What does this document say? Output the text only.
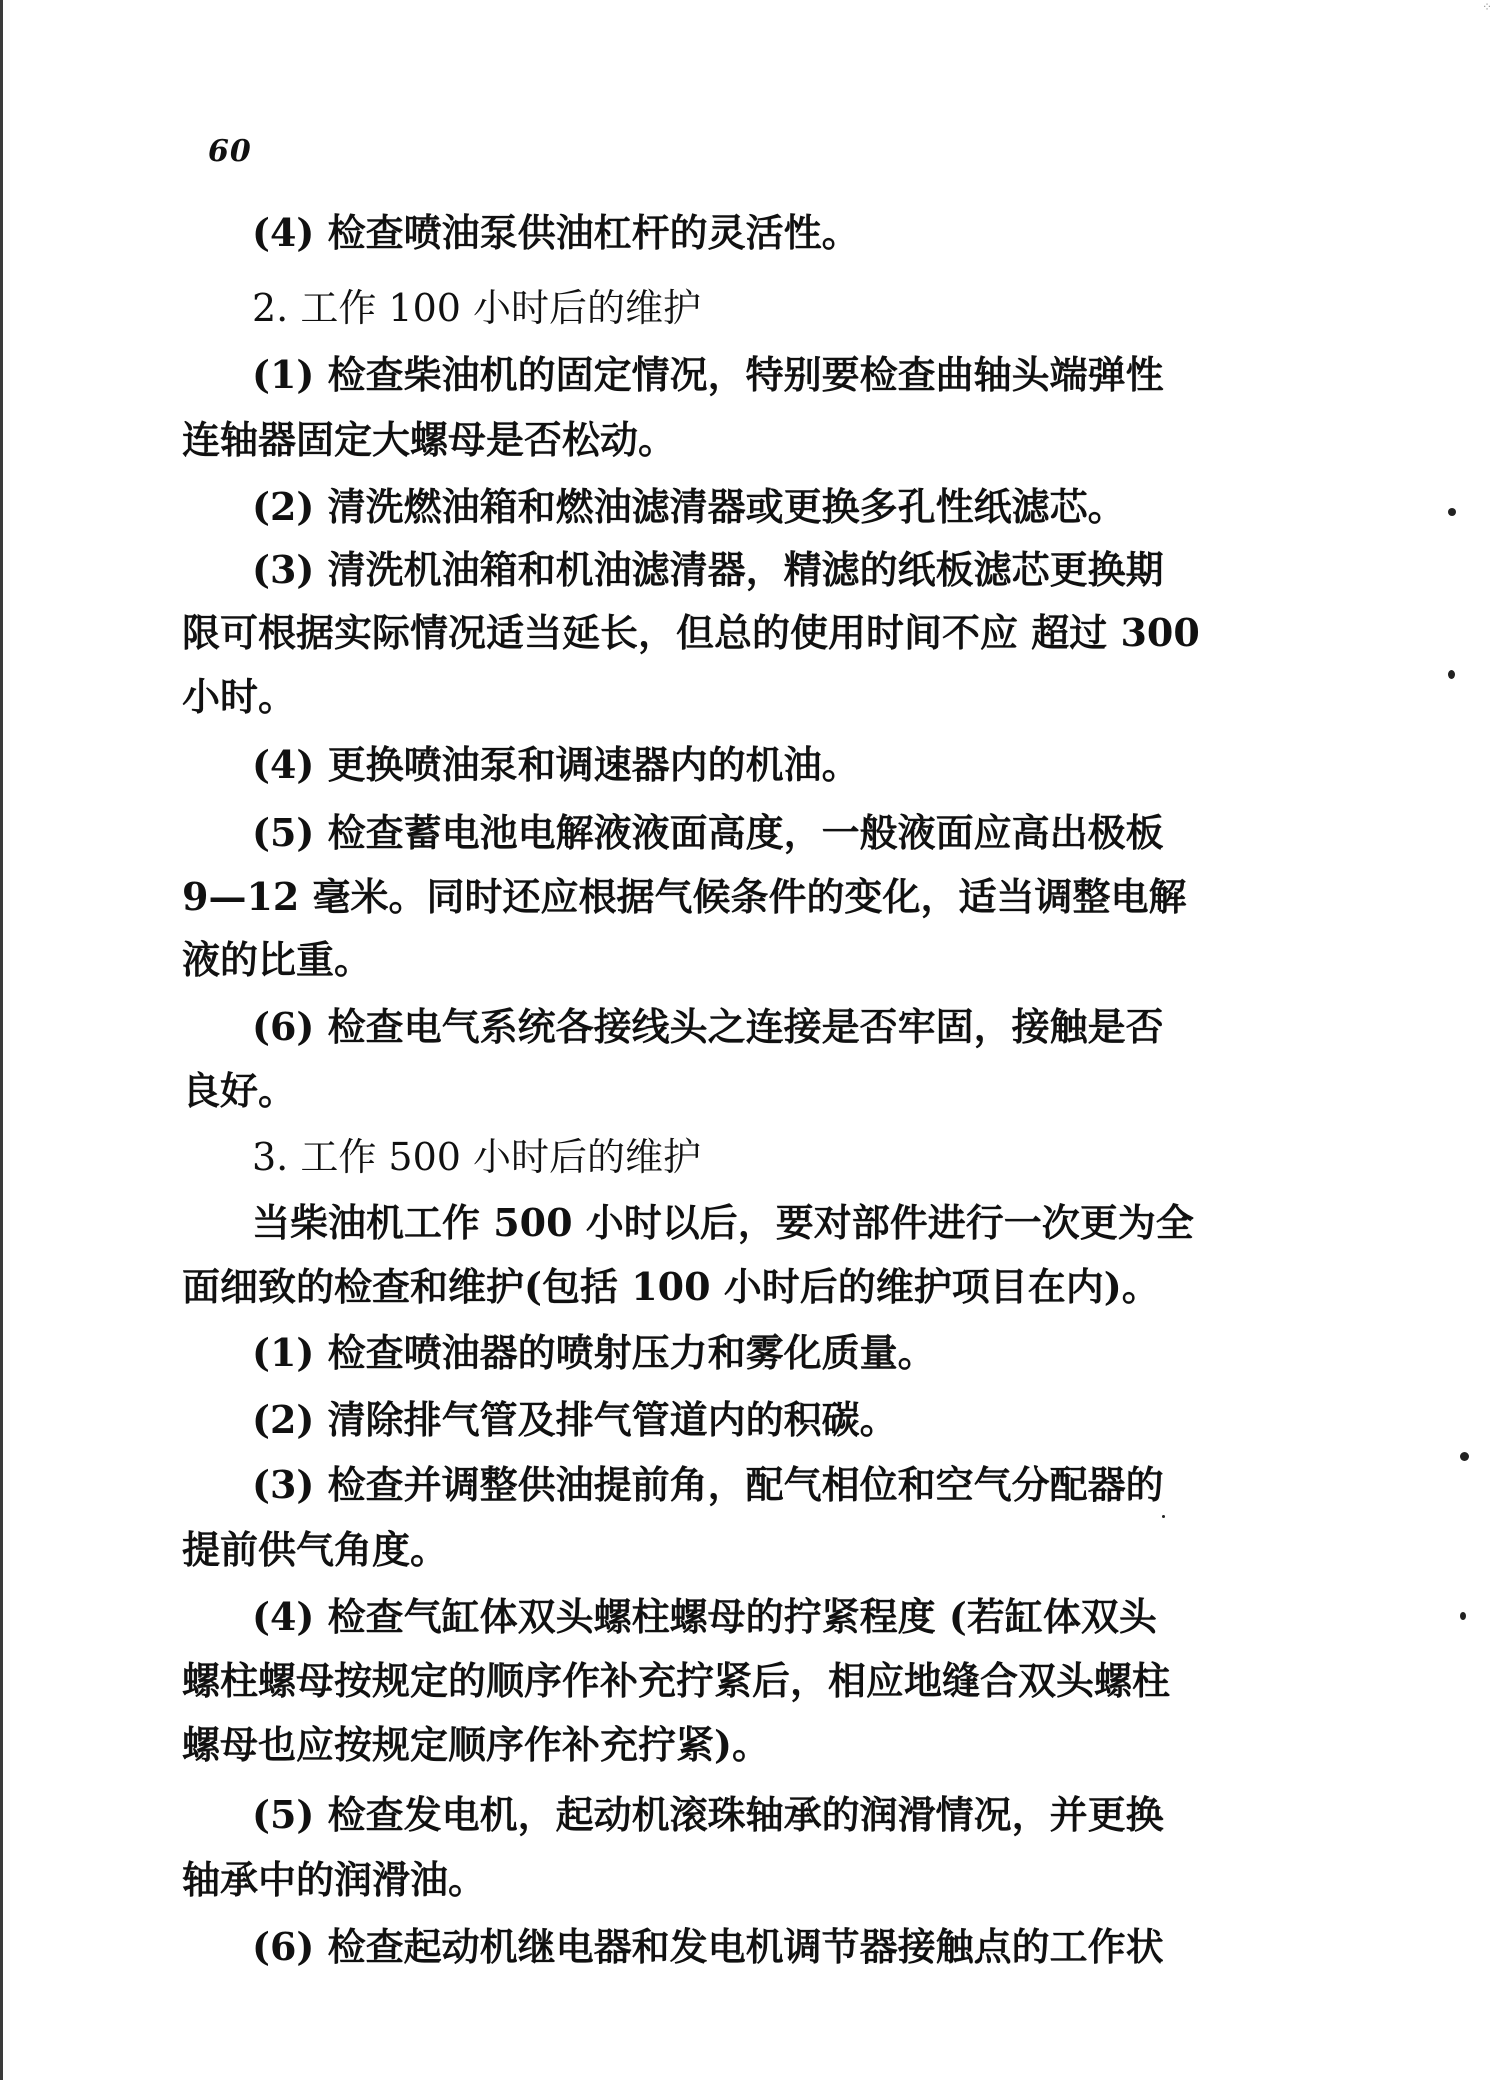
⁘
60
(4) 检查喷油泵供油杠杆的灵活性。
2. 工作 100 小时后的维护
(1) 检查柴油机的固定情况，特别要检查曲轴头端弹性
连轴器固定大螺母是否松动。
(2) 清洗燃油箱和燃油滤清器或更换多孔性纸滤芯。
(3) 清洗机油箱和机油滤清器，精滤的纸板滤芯更换期
限可根据实际情况适当延长，但总的使用时间不应 超过 300
小时。
(4) 更换喷油泵和调速器内的机油。
(5) 检查蓄电池电解液液面高度，一般液面应高出极板
9—12 毫米。同时还应根据气候条件的变化，适当调整电解
液的比重。
(6) 检查电气系统各接线头之连接是否牢固，接触是否
良好。
3. 工作 500 小时后的维护
当柴油机工作 500 小时以后，要对部件进行一次更为全
面细致的检查和维护(包括 100 小时后的维护项目在内)。
(1) 检查喷油器的喷射压力和雾化质量。
(2) 清除排气管及排气管道内的积碳。
(3) 检查并调整供油提前角，配气相位和空气分配器的
提前供气角度。
(4) 检查气缸体双头螺柱螺母的拧紧程度 (若缸体双头
螺柱螺母按规定的顺序作补充拧紧后，相应地缝合双头螺柱
螺母也应按规定顺序作补充拧紧)。
(5) 检查发电机，起动机滚珠轴承的润滑情况，并更换
轴承中的润滑油。
(6) 检查起动机继电器和发电机调节器接触点的工作状
